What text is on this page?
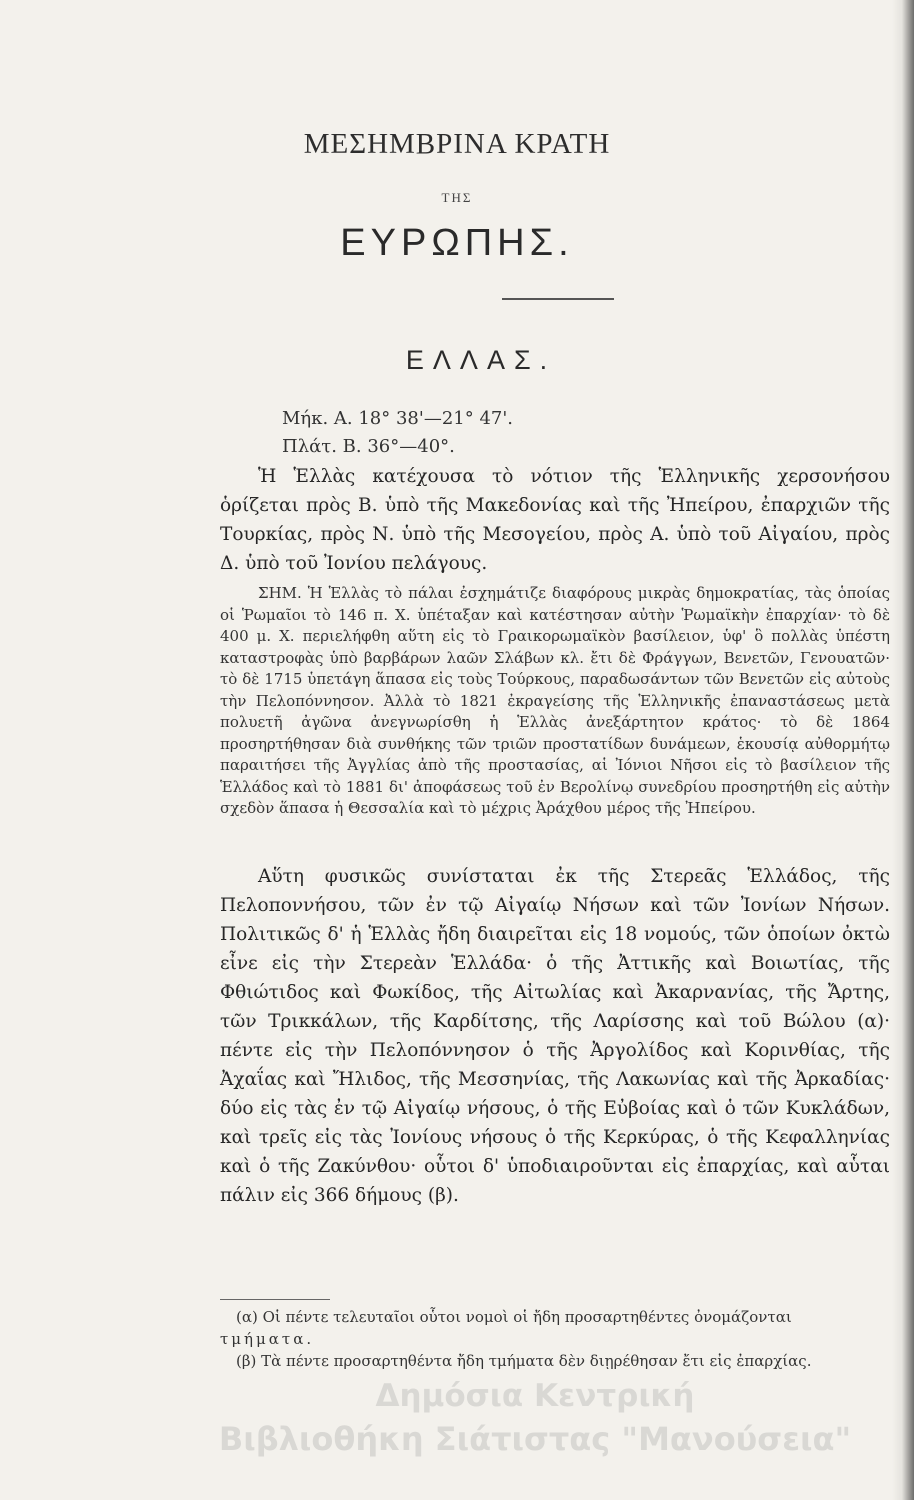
ΜΕΣΗΜΒΡΙΝΑ ΚΡΑΤΗ
ΤΗΣ
ΕΥΡΩΠΗΣ.
ΕΛΛΑΣ.
Μήκ. Α. 18° 38'—21° 47'.
Πλάτ. Β. 36°—40°.

Ἡ Ἑλλὰς κατέχουσα τὸ νότιον τῆς Ἑλληνικῆς χερσονήσου ὁρίζεται πρὸς Β. ὑπὸ τῆς Μακεδονίας καὶ τῆς Ἠπείρου, ἐπαρχιῶν τῆς Τουρκίας, πρὸς Ν. ὑπὸ τῆς Μεσογείου, πρὸς Α. ὑπὸ τοῦ Αἰγαίου, πρὸς Δ. ὑπὸ τοῦ Ἰονίου πελάγους.

ΣΗΜ. Ἡ Ἑλλὰς τὸ πάλαι ἐσχημάτιζε διαφόρους μικρὰς δημοκρατίας, τὰς ὁποίας οἱ Ῥωμαῖοι τὸ 146 π. Χ. ὑπέταξαν καὶ κατέστησαν αὐτὴν Ῥωμαϊκὴν ἐπαρχίαν· τὸ δὲ 400 μ. Χ. περιελήφθη αὕτη εἰς τὸ Γραικορωμαϊκὸν βασίλειον, ὑφ' ὃ πολλὰς ὑπέστη καταστροφὰς ὑπὸ βαρβάρων λαῶν Σλάβων κλ. ἔτι δὲ Φράγγων, Βενετῶν, Γενουατῶν· τὸ δὲ 1715 ὑπετάγη ἅπασα εἰς τοὺς Τούρκους, παραδωσάντων τῶν Βενετῶν εἰς αὐτοὺς τὴν Πελοπόννησον. Ἀλλὰ τὸ 1821 ἐκραγείσης τῆς Ἑλληνικῆς ἐπαναστάσεως μετὰ πολυετῆ ἀγῶνα ἀνεγνωρίσθη ἡ Ἑλλὰς ἀνεξάρτητον κράτος· τὸ δὲ 1864 προσηρτήθησαν διὰ συνθήκης τῶν τριῶν προστατίδων δυνάμεων, ἑκουσίᾳ αὐθορμήτῳ παραιτήσει τῆς Ἀγγλίας ἀπὸ τῆς προστασίας, αἱ Ἰόνιοι Νῆσοι εἰς τὸ βασίλειον τῆς Ἑλλάδος καὶ τὸ 1881 δι' ἀποφάσεως τοῦ ἐν Βερολίνῳ συνεδρίου προσηρτήθη εἰς αὐτὴν σχεδὸν ἅπασα ἡ Θεσσαλία καὶ τὸ μέχρις Ἀράχθου μέρος τῆς Ἠπείρου.

Αὕτη φυσικῶς συνίσταται ἐκ τῆς Στερεᾶς Ἑλλάδος, τῆς Πελοποννήσου, τῶν ἐν τῷ Αἰγαίῳ Νήσων καὶ τῶν Ἰονίων Νήσων. Πολιτικῶς δ' ἡ Ἑλλὰς ἤδη διαιρεῖται εἰς 18 νομούς, τῶν ὁποίων ὀκτὼ εἶνε εἰς τὴν Στερεὰν Ἑλλάδα· ὁ τῆς Ἀττικῆς καὶ Βοιωτίας, τῆς Φθιώτιδος καὶ Φωκίδος, τῆς Αἰτωλίας καὶ Ἀκαρνανίας, τῆς Ἄρτης, τῶν Τρικκάλων, τῆς Καρδίτσης, τῆς Λαρίσσης καὶ τοῦ Βώλου (α)· πέντε εἰς τὴν Πελοπόννησον ὁ τῆς Ἀργολίδος καὶ Κορινθίας, τῆς Ἀχαΐας καὶ Ἤλιδος, τῆς Μεσσηνίας, τῆς Λακωνίας καὶ τῆς Ἀρκαδίας· δύο εἰς τὰς ἐν τῷ Αἰγαίῳ νήσους, ὁ τῆς Εὐβοίας καὶ ὁ τῶν Κυκλάδων, καὶ τρεῖς εἰς τὰς Ἰονίους νήσους ὁ τῆς Κερκύρας, ὁ τῆς Κεφαλληνίας καὶ ὁ τῆς Ζακύνθου· οὗτοι δ' ὑποδιαιροῦνται εἰς ἐπαρχίας, καὶ αὗται πάλιν εἰς 366 δήμους (β).

(α) Οἱ πέντε τελευταῖοι οὗτοι νομοὶ οἱ ἤδη προσαρτηθέντες ὀνομάζονται
τμήματα.
(β) Τὰ πέντε προσαρτηθέντα ἤδη τμήματα δὲν διῃρέθησαν ἔτι εἰς ἐπαρχίας.
Δημόσια Κεντρική
Βιβλιοθήκη Σιάτιστας "Μανούσεια"
